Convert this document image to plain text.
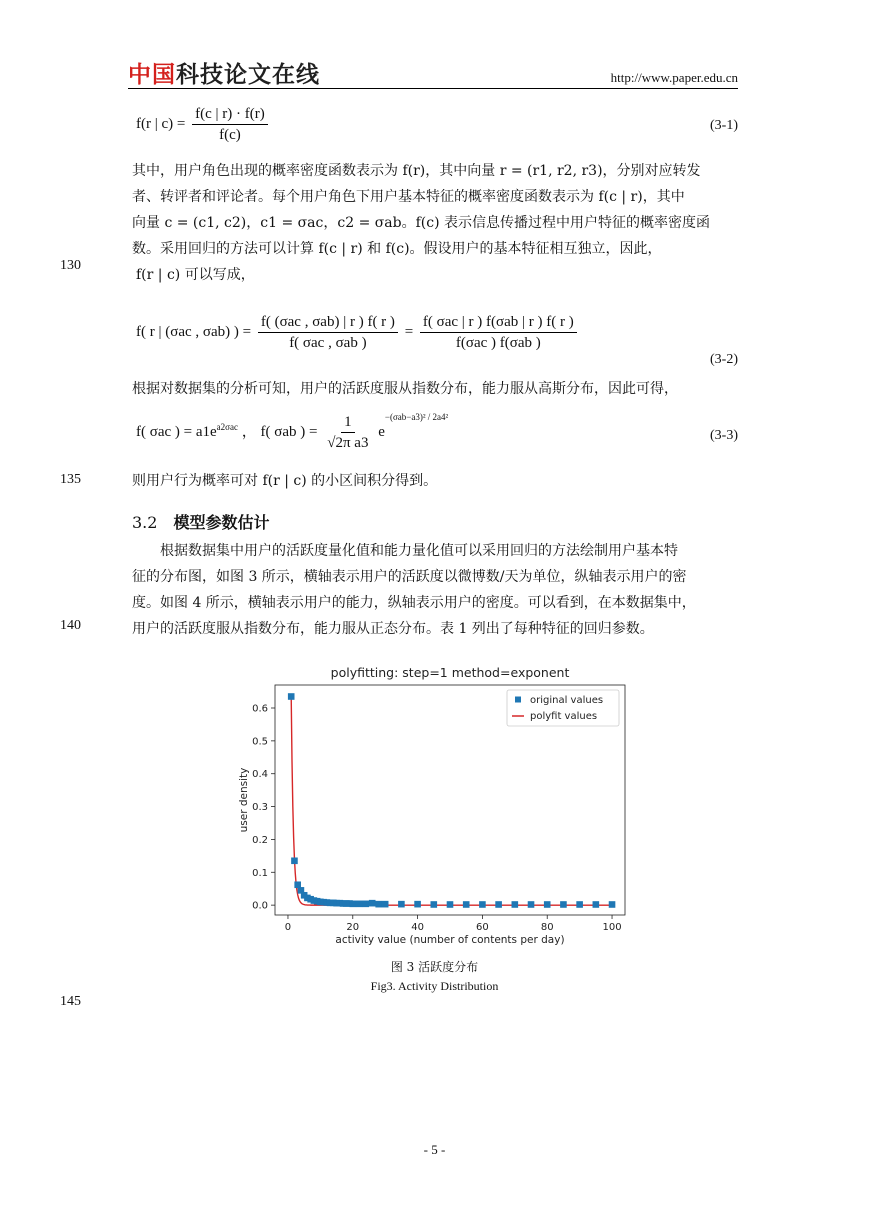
中国科技论文在线	http://www.paper.edu.cn
f(r | $c) = \frac{f(c | r) \cdot f(r)}{f(c)}$	(3-1)
其中，用户角色出现的概率密度函数表示为 f(r)，其中向量 r = (r1, r2, r3)，分别对应转发
者、转评者和评论者。每个用户角色下用户基本特征的概率密度函数表示为 f(c | r)，其中
向量 c = (c1, c2)，c1 = σac，c2 = σab。f(c) 表示信息传播过程中用户特征的概率密度函
数。采用回归的方法可以计算 f(c | r) 和 f(c)。假设用户的基本特征相互独立，因此，
f(r | c) 可以写成，
130
f( r | (σac , σab) ) = $\frac{\text{f( (σac , σab) | r ) f( r )}}{\text{f( σac , σab )}} = \frac{\text{f( σac | r ) f(σab | r ) f( r )}}{\text{f(σac ) f(σab )}}$
(3-2)
根据对数据集的分析可知，用户的活跃度服从指数分布，能力服从高斯分布，因此可得，
f( σac ) = $a1e^{a2\sigma ac}$ ， f( σab ) = $\frac{1}{\text{√2π a3}} e^{-(\sigma ab-a3)^2 / 2a4^2}$
(3-3)
则用户行为概率可对 f(r | c) 的小区间积分得到。
135
3.2 模型参数估计
根据数据集中用户的活跃度量化值和能力量化值可以采用回归的方法绘制用户基本特
征的分布图，如图 3 所示，横轴表示用户的活跃度以微博数/天为单位，纵轴表示用户的密
度。如图 4 所示，横轴表示用户的能力，纵轴表示用户的密度。可以看到，在本数据集中，
用户的活跃度服从指数分布，能力服从正态分布。表 1 列出了每种特征的回归参数。
140
polyfitting: step=1 method=exponent
0	20	40	60	80	100
0.0
0.1
0.2
0.3
0.4
0.5
0.6
activity value (number of contents per day)
user density
original values
polyfit values
图 3 活跃度分布
Fig3. Activity Distribution
145
- 5 -
